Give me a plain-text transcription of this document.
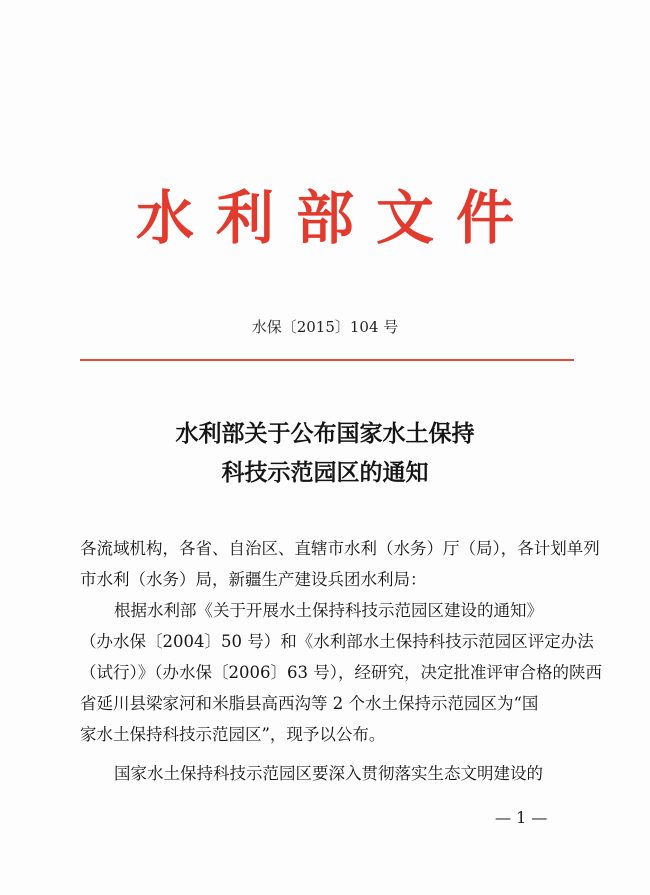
水利部文件
水保〔2015〕104 号
水利部关于公布国家水土保持
科技示范园区的通知
各流域机构，各省、自治区、直辖市水利（水务）厅（局），各计划单列
市水利（水务）局，新疆生产建设兵团水利局：
根据水利部《关于开展水土保持科技示范园区建设的通知》
（办水保〔2004〕50 号）和《水利部水土保持科技示范园区评定办法
（试行）》（办水保〔2006〕63 号），经研究，决定批准评审合格的陕西
省延川县梁家河和米脂县高西沟等 2 个水土保持示范园区为“国
家水土保持科技示范园区”，现予以公布。
国家水土保持科技示范园区要深入贯彻落实生态文明建设的
— 1 —
